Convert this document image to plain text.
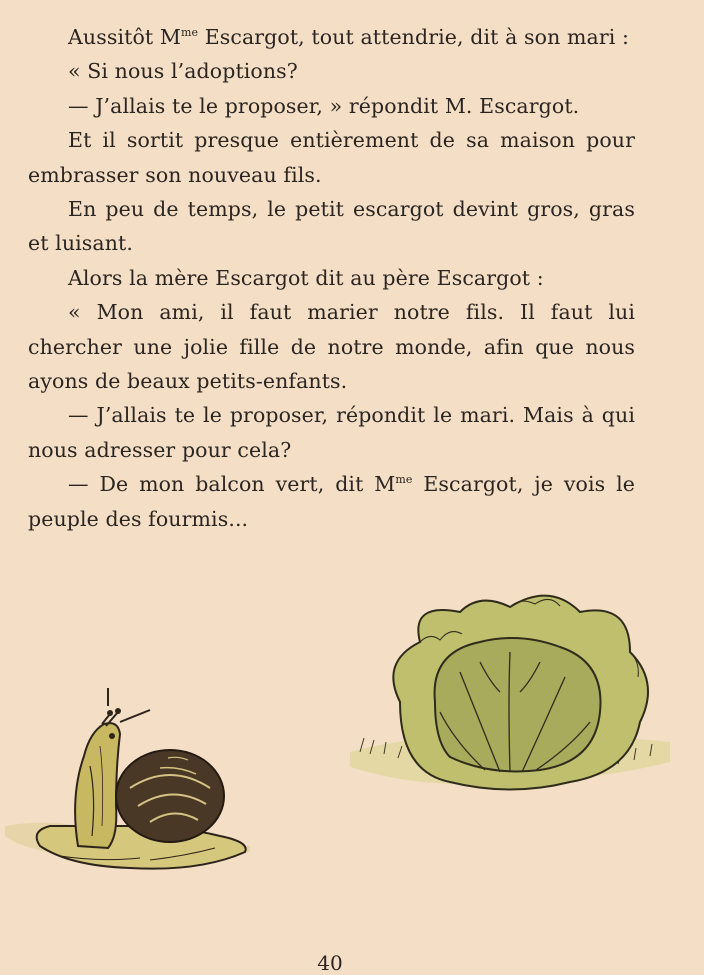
Aussitôt $M^{me}$ Escargot, tout attendrie, dit à son mari :

« Si nous l’adoptions?

— J’allais te le proposer, » répondit M. Escargot.

Et il sortit presque entièrement de sa maison pour embrasser son nouveau fils.

En peu de temps, le petit escargot devint gros, gras et luisant.

Alors la mère Escargot dit au père Escargot :

« Mon ami, il faut marier notre fils. Il faut lui chercher une jolie fille de notre monde, afin que nous ayons de beaux petits-enfants.

— J’allais te le proposer, répondit le mari. Mais à qui nous adresser pour cela?

— De mon balcon vert, dit $M^{me}$ Escargot, je vois le peuple des fourmis...

40
